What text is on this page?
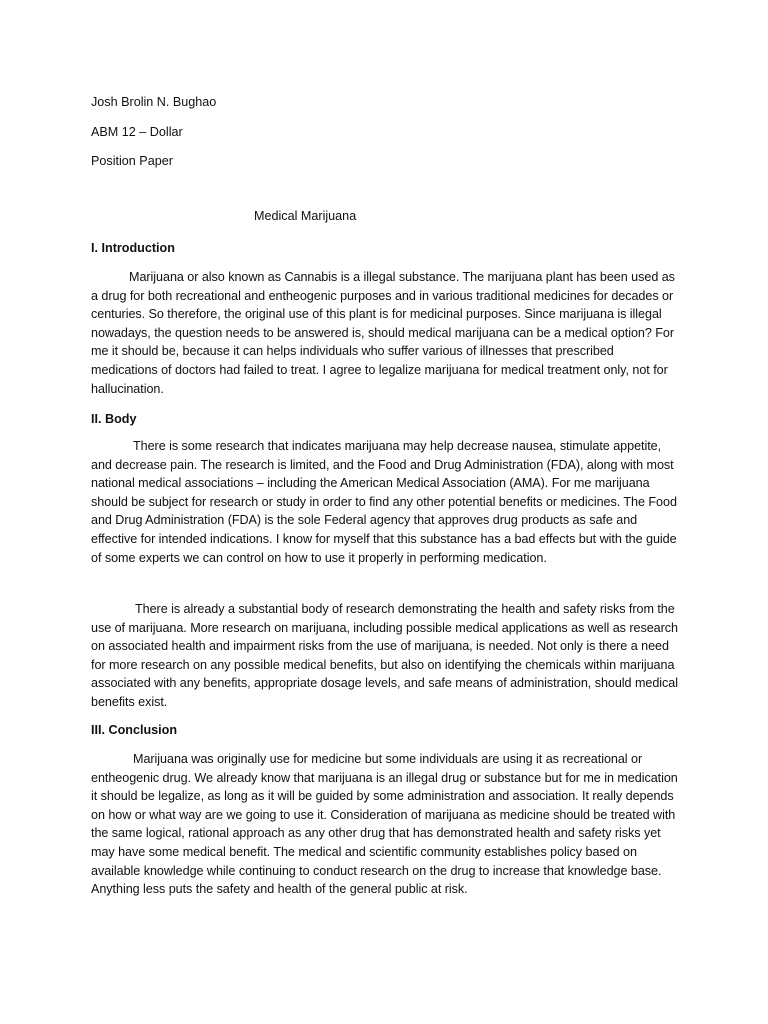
Josh Brolin N. Bughao
ABM 12 – Dollar
Position Paper
Medical Marijuana
I. Introduction
Marijuana or also known as Cannabis is a illegal substance. The marijuana plant has been used as a drug for both recreational and entheogenic purposes and in various traditional medicines for decades or centuries. So therefore, the original use of this plant is for medicinal purposes. Since marijuana is illegal nowadays, the question needs to be answered is, should medical marijuana can be a medical option? For me it should be, because it can helps individuals who suffer various of illnesses that prescribed medications of doctors had failed to treat. I agree to legalize marijuana for medical treatment only, not for hallucination.
II. Body
There is some research that indicates marijuana may help decrease nausea, stimulate appetite, and decrease pain. The research is limited, and the Food and Drug Administration (FDA), along with most national medical associations – including the American Medical Association (AMA). For me marijuana should be subject for research or study in order to find any other potential benefits or medicines. The Food and Drug Administration (FDA) is the sole Federal agency that approves drug products as safe and effective for intended indications. I know for myself that this substance has a bad effects but with the guide of some experts we can control on how to use it properly in performing medication.
There is already a substantial body of research demonstrating the health and safety risks from the use of marijuana. More research on marijuana, including possible medical applications as well as research on associated health and impairment risks from the use of marijuana, is needed. Not only is there a need for more research on any possible medical benefits, but also on identifying the chemicals within marijuana associated with any benefits, appropriate dosage levels, and safe means of administration, should medical benefits exist.
III. Conclusion
Marijuana was originally use for medicine but some individuals are using it as recreational or entheogenic drug. We already know that marijuana is an illegal drug or substance but for me in medication it should be legalize, as long as it will be guided by some administration and association. It really depends on how or what way are we going to use it. Consideration of marijuana as medicine should be treated with the same logical, rational approach as any other drug that has demonstrated health and safety risks yet may have some medical benefit. The medical and scientific community establishes policy based on available knowledge while continuing to conduct research on the drug to increase that knowledge base. Anything less puts the safety and health of the general public at risk.
